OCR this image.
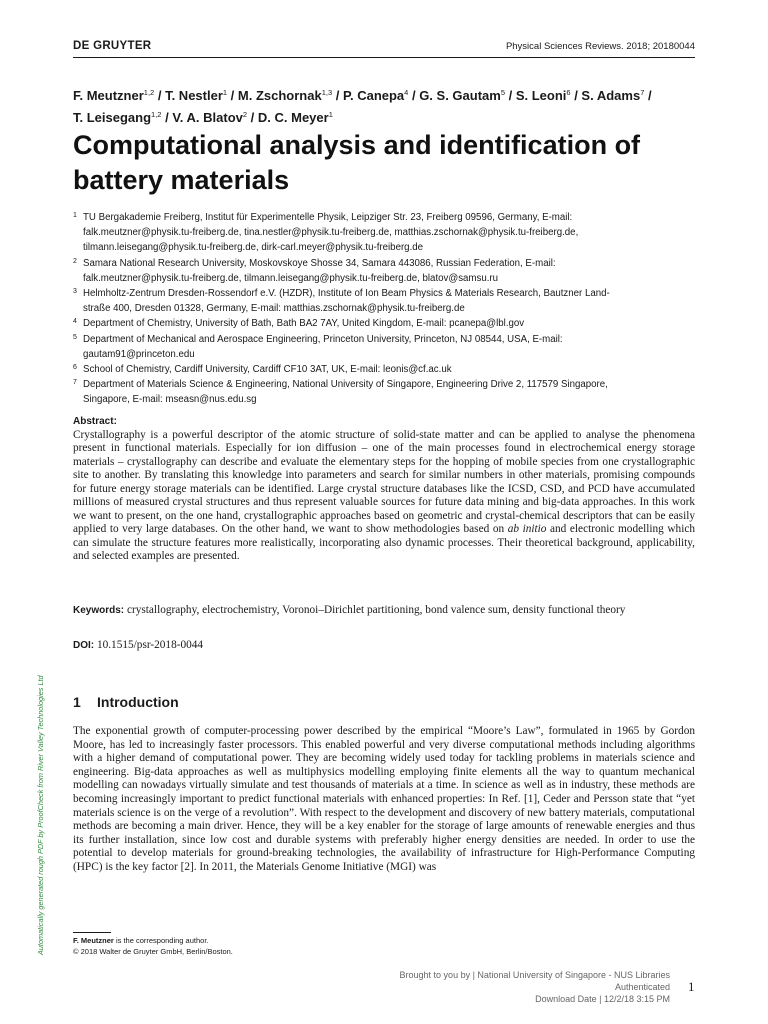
DE GRUYTER	Physical Sciences Reviews. 2018; 20180044
F. Meutzner$^{1,2}$ / T. Nestler$^1$ / M. Zschornak$^{1,3}$ / P. Canepa$^4$ / G. S. Gautam$^5$ / S. Leoni$^6$ / S. Adams$^7$ /
T. Leisegang$^{1,2}$ / V. A. Blatov$^2$ / D. C. Meyer$^1$
Computational analysis and identification of battery materials
1 TU Bergakademie Freiberg, Institut für Experimentelle Physik, Leipziger Str. 23, Freiberg 09596, Germany, E-mail:
falk.meutzner@physik.tu-freiberg.de, tina.nestler@physik.tu-freiberg.de, matthias.zschornak@physik.tu-freiberg.de,
tilmann.leisegang@physik.tu-freiberg.de, dirk-carl.meyer@physik.tu-freiberg.de
2 Samara National Research University, Moskovskoye Shosse 34, Samara 443086, Russian Federation, E-mail:
falk.meutzner@physik.tu-freiberg.de, tilmann.leisegang@physik.tu-freiberg.de, blatov@samsu.ru
3 Helmholtz-Zentrum Dresden-Rossendorf e.V. (HZDR), Institute of Ion Beam Physics & Materials Research, Bautzner Land-
straße 400, Dresden 01328, Germany, E-mail: matthias.zschornak@physik.tu-freiberg.de
4 Department of Chemistry, University of Bath, Bath BA2 7AY, United Kingdom, E-mail: pcanepa@lbl.gov
5 Department of Mechanical and Aerospace Engineering, Princeton University, Princeton, NJ 08544, USA, E-mail:
gautam91@princeton.edu
6 School of Chemistry, Cardiff University, Cardiff CF10 3AT, UK, E-mail: leonis@cf.ac.uk
7 Department of Materials Science & Engineering, National University of Singapore, Engineering Drive 2, 117579 Singapore,
Singapore, E-mail: mseasn@nus.edu.sg
Abstract:
Crystallography is a powerful descriptor of the atomic structure of solid-state matter and can be applied to analyse the phenomena present in functional materials. Especially for ion diffusion – one of the main processes found in electrochemical energy storage materials – crystallography can describe and evaluate the elementary steps for the hopping of mobile species from one crystallographic site to another. By translating this knowledge into parameters and search for similar numbers in other materials, promising compounds for future energy storage materials can be identified. Large crystal structure databases like the ICSD, CSD, and PCD have accumulated millions of measured crystal structures and thus represent valuable sources for future data mining and big-data approaches. In this work we want to present, on the one hand, crystallographic approaches based on geometric and crystal-chemical descriptors that can be easily applied to very large databases. On the other hand, we want to show methodologies based on ab initio and electronic modelling which can simulate the structure features more realistically, incorporating also dynamic processes. Their theoretical background, applicability, and selected examples are presented.
Keywords: crystallography, electrochemistry, Voronoi–Dirichlet partitioning, bond valence sum, density functional theory
DOI: 10.1515/psr-2018-0044
1 Introduction
The exponential growth of computer-processing power described by the empirical “Moore’s Law”, formulated in 1965 by Gordon Moore, has led to increasingly faster processors. This enabled powerful and very diverse computational methods including algorithms with a higher demand of computational power. They are becoming widely used today for tackling problems in materials science and engineering. Big-data approaches as well as multiphysics modelling employing finite elements all the way to quantum mechanical modelling can nowadays virtually simulate and test thousands of materials at a time. In science as well as in industry, these methods are becoming increasingly important to predict functional materials with enhanced properties: In Ref. [1], Ceder and Persson state that “yet materials science is on the verge of a revolution”. With respect to the development and discovery of new battery materials, computational methods are becoming a main driver. Hence, they will be a key enabler for the storage of large amounts of renewable energies and thus its further installation, since low cost and durable systems with preferably higher energy densities are needed. In order to use the potential to develop materials for ground-breaking technologies, the availability of infrastructure for High-Performance Computing (HPC) is the key factor [2]. In 2011, the Materials Genome Initiative (MGI) was
F. Meutzner is the corresponding author.
© 2018 Walter de Gruyter GmbH, Berlin/Boston.
Automatically generated rough PDF by ProofCheck from River Valley Technologies Ltd
Brought to you by | National University of Singapore - NUS Libraries
Authenticated
Download Date | 12/2/18 3:15 PM
1
